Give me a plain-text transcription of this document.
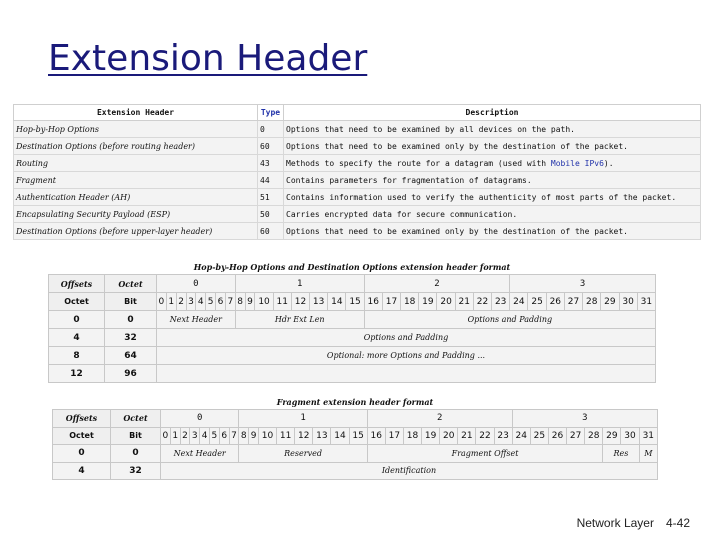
Extension Header
Extension Header	Type	Description
Hop-by-Hop Options	0	Options that need to be examined by all devices on the path.
Destination Options (before routing header)	60	Options that need to be examined only by the destination of the packet.
Routing	43	Methods to specify the route for a datagram (used with Mobile IPv6).
Fragment	44	Contains parameters for fragmentation of datagrams.
Authentication Header (AH)	51	Contains information used to verify the authenticity of most parts of the packet.
Encapsulating Security Payload (ESP)	50	Carries encrypted data for secure communication.
Destination Options (before upper-layer header)	60	Options that need to be examined only by the destination of the packet.
Hop-by-Hop Options and Destination Options extension header format
Offsets	Octet	0								1								2								3							
Octet	Bit	0	1	2	3	4	5	6	7	8	9	10	11	12	13	14	15	16	17	18	19	20	21	22	23	24	25	26	27	28	29	30	31
0	0	Next Header								Hdr Ext Len								Options and Padding															
4	32	Options and Padding																															
8	64	Optional: more Options and Padding ...																															
12	96																																
Fragment extension header format
Offsets	Octet	0								1								2								3							
Octet	Bit	0	1	2	3	4	5	6	7	8	9	10	11	12	13	14	15	16	17	18	19	20	21	22	23	24	25	26	27	28	29	30	31
0	0	Next Header								Reserved								Fragment Offset													Res		M
4	32	Identification																															
Network Layer 4-42
